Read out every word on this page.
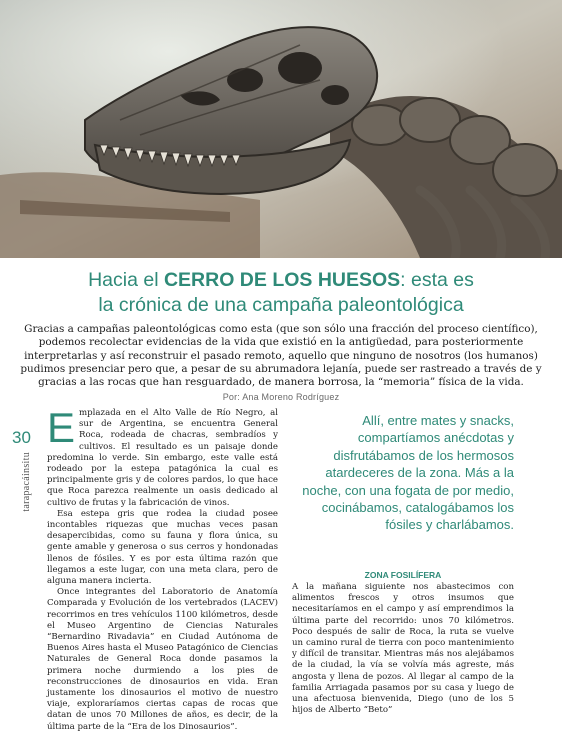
Hacia el CERRO DE LOS HUESOS: esta es
la crónica de una campaña paleontológica
Gracias a campañas paleontológicas como esta (que son sólo una fracción del proceso científico), podemos recolectar evidencias de la vida que existió en la antigüedad, para posteriormente interpretarlas y así reconstruir el pasado remoto, aquello que ninguno de nosotros (los humanos) pudimos presenciar pero que, a pesar de su abrumadora lejanía, puede ser rastreado a través de y gracias a las rocas que han resguardado, de manera borrosa, la “memoria” física de la vida.
Por: Ana Moreno Rodríguez
30
tarapacáinsitu

Emplazada en el Alto Valle de Río Negro, al sur de Argentina, se encuentra General Roca, rodeada de chacras, sembradíos y cultivos. El resultado es un paisaje donde predomina lo verde. Sin embargo, este valle está rodeado por la estepa patagónica la cual es principalmente gris y de colores pardos, lo que hace que Roca parezca realmente un oasis dedicado al cultivo de frutas y la fabricación de vinos.

Esa estepa gris que rodea la ciudad posee incontables riquezas que muchas veces pasan desapercibidas, como su fauna y flora única, su gente amable y generosa o sus cerros y hondonadas llenos de fósiles. Y es por esta última razón que llegamos a este lugar, con una meta clara, pero de alguna manera incierta.

Once integrantes del Laboratorio de Anatomía Comparada y Evolución de los vertebrados (LACEV) recorrimos en tres vehículos 1100 kilómetros, desde el Museo Argentino de Ciencias Naturales “Bernardino Rivadavia” en Ciudad Autónoma de Buenos Aires hasta el Museo Patagónico de Ciencias Naturales de General Roca donde pasamos la primera noche durmiendo a los pies de reconstrucciones de dinosaurios en vida. Eran justamente los dinosaurios el motivo de nuestro viaje, exploraríamos ciertas capas de rocas que datan de unos 70 Millones de años, es decir, de la última parte de la “Era de los Dinosaurios”.

Allí, entre mates y snacks, compartíamos anécdotas y disfrutábamos de los hermosos atardeceres de la zona. Más a la noche, con una fogata de por medio, cocinábamos, catalogábamos los fósiles y charlábamos.
ZONA FOSILÍFERA

A la mañana siguiente nos abastecimos con alimentos frescos y otros insumos que necesitaríamos en el campo y así emprendimos la última parte del recorrido: unos 70 kilómetros. Poco después de salir de Roca, la ruta se vuelve un camino rural de tierra con poco mantenimiento y difícil de transitar. Mientras más nos alejábamos de la ciudad, la vía se volvía más agreste, más angosta y llena de pozos. Al llegar al campo de la familia Arriagada pasamos por su casa y luego de una afectuosa bienvenida, Diego (uno de los 5 hijos de Alberto “Beto”
